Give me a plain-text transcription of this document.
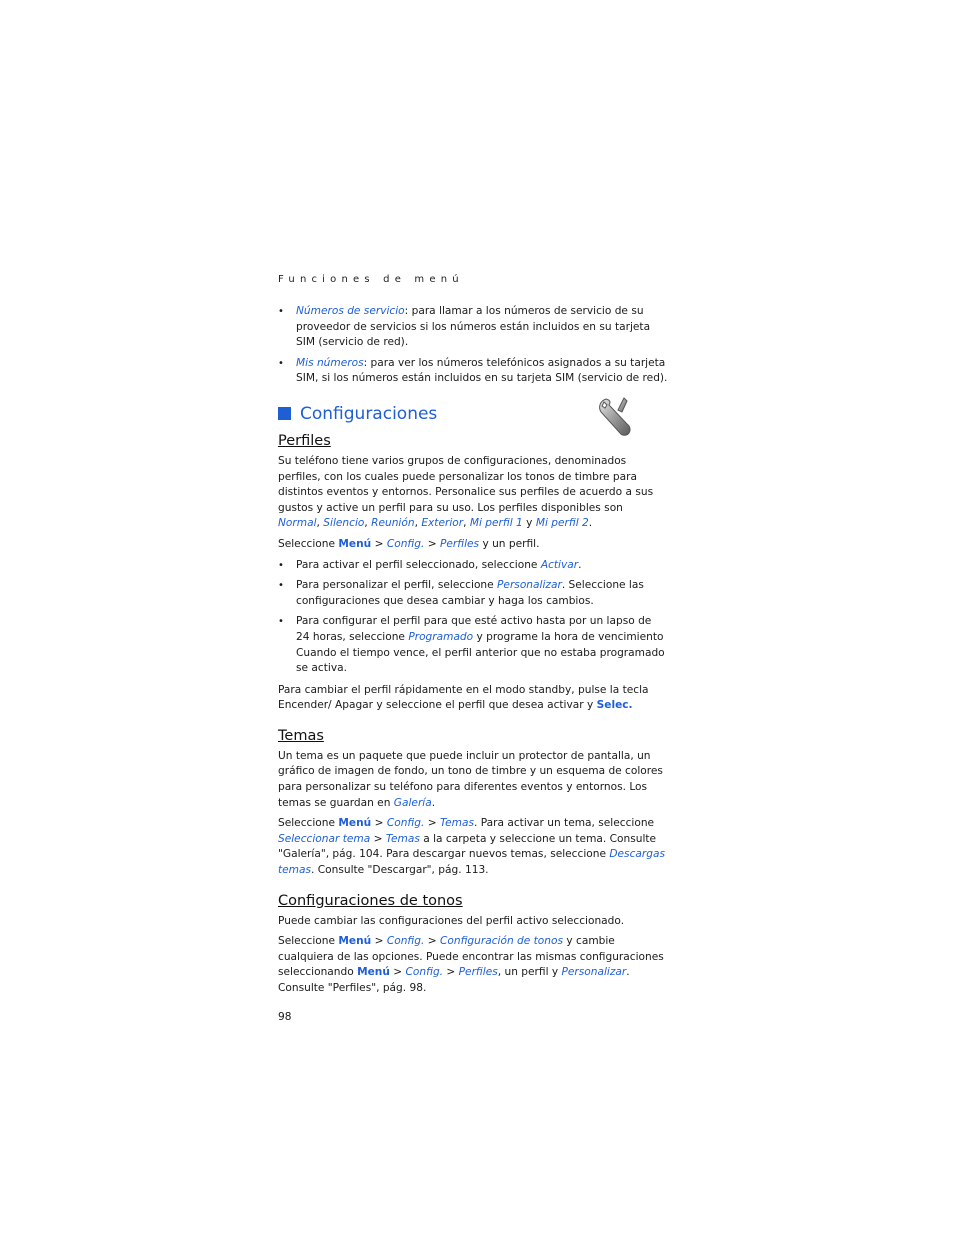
Funciones de menú
• Números de servicio: para llamar a los números de servicio de su proveedor de servicios si los números están incluidos en su tarjeta SIM (servicio de red).
• Mis números: para ver los números telefónicos asignados a su tarjeta SIM, si los números están incluidos en su tarjeta SIM (servicio de red).
Configuraciones
Perfiles

Su teléfono tiene varios grupos de configuraciones, denominados perfiles, con los cuales puede personalizar los tonos de timbre para distintos eventos y entornos. Personalice sus perfiles de acuerdo a sus gustos y active un perfil para su uso. Los perfiles disponibles son Normal, Silencio, Reunión, Exterior, Mi perfil 1 y Mi perfil 2.

Seleccione Menú > Config. > Perfiles y un perfil.

• Para activar el perfil seleccionado, seleccione Activar.
• Para personalizar el perfil, seleccione Personalizar. Seleccione las configuraciones que desea cambiar y haga los cambios.
• Para configurar el perfil para que esté activo hasta por un lapso de 24 horas, seleccione Programado y programe la hora de vencimiento Cuando el tiempo vence, el perfil anterior que no estaba programado se activa.

Para cambiar el perfil rápidamente en el modo standby, pulse la tecla Encender/ Apagar y seleccione el perfil que desea activar y Selec.

Temas

Un tema es un paquete que puede incluir un protector de pantalla, un gráfico de imagen de fondo, un tono de timbre y un esquema de colores para personalizar su teléfono para diferentes eventos y entornos. Los temas se guardan en Galería.

Seleccione Menú > Config. > Temas. Para activar un tema, seleccione Seleccionar tema > Temas a la carpeta y seleccione un tema. Consulte "Galería", pág. 104. Para descargar nuevos temas, seleccione Descargas temas. Consulte "Descargar", pág. 113.

Configuraciones de tonos

Puede cambiar las configuraciones del perfil activo seleccionado.

Seleccione Menú > Config. > Configuración de tonos y cambie cualquiera de las opciones. Puede encontrar las mismas configuraciones seleccionando Menú > Config. > Perfiles, un perfil y Personalizar. Consulte "Perfiles", pág. 98.

98
